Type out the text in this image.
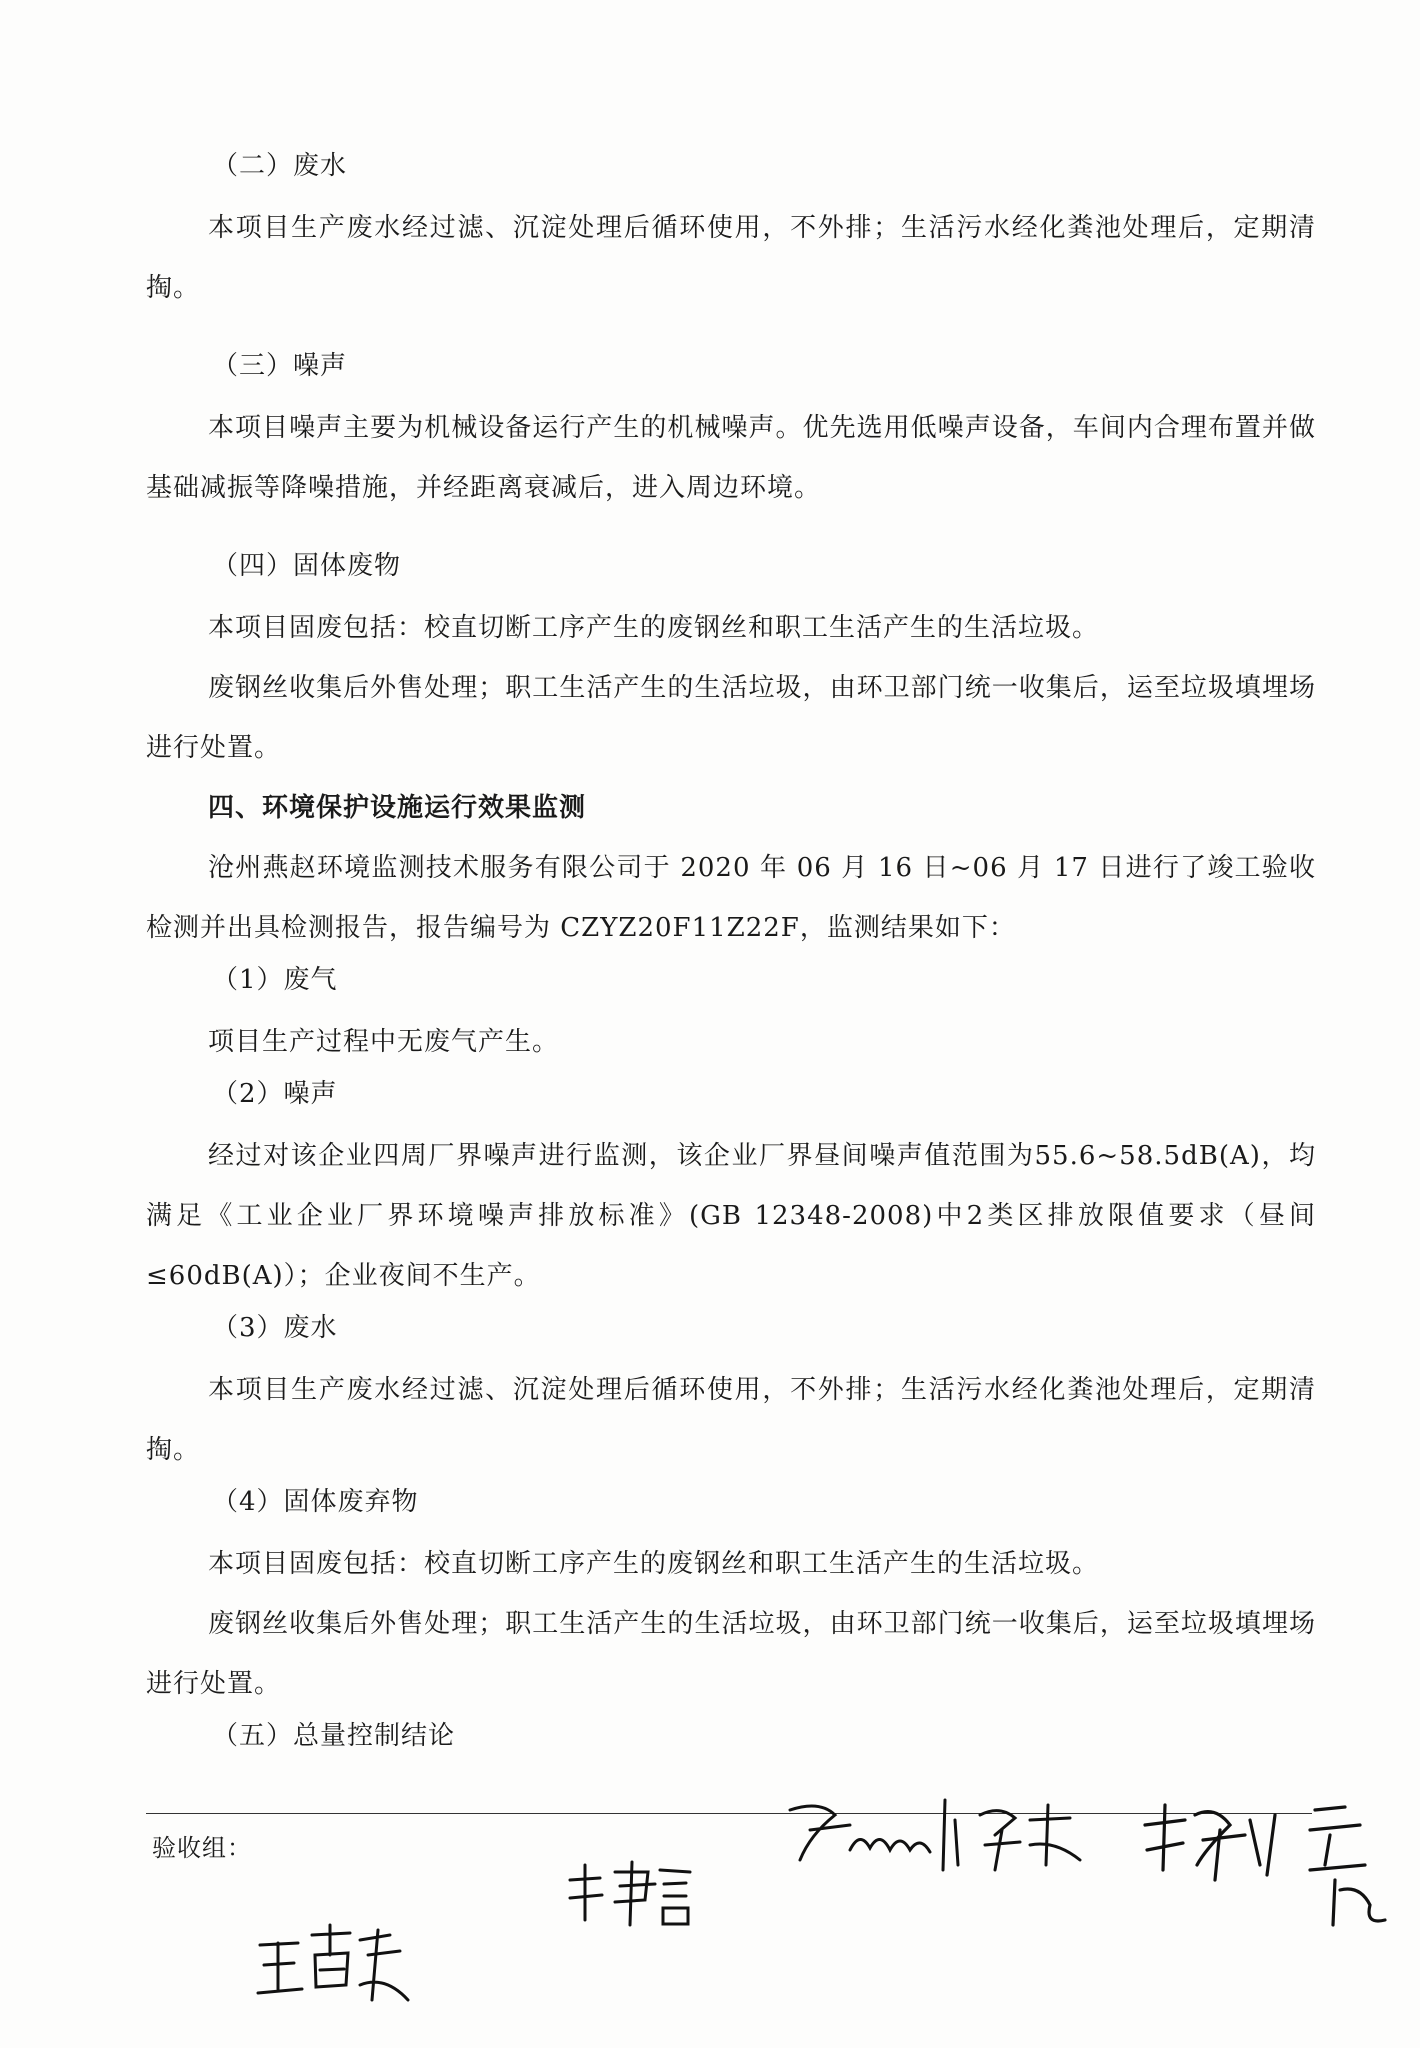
（二）废水

本项目生产废水经过滤、沉淀处理后循环使用，不外排；生活污水经化粪池处理后，定期清掏。

（三）噪声

本项目噪声主要为机械设备运行产生的机械噪声。优先选用低噪声设备，车间内合理布置并做基础减振等降噪措施，并经距离衰减后，进入周边环境。

（四）固体废物

本项目固废包括：校直切断工序产生的废钢丝和职工生活产生的生活垃圾。

废钢丝收集后外售处理；职工生活产生的生活垃圾，由环卫部门统一收集后，运至垃圾填埋场进行处置。

四、环境保护设施运行效果监测

沧州燕赵环境监测技术服务有限公司于 2020 年 06 月 16 日~06 月 17 日进行了竣工验收检测并出具检测报告，报告编号为 CZYZ20F11Z22F，监测结果如下：

（1）废气

项目生产过程中无废气产生。

（2）噪声

经过对该企业四周厂界噪声进行监测，该企业厂界昼间噪声值范围为55.6~58.5dB(A)，均满足《工业企业厂界环境噪声排放标准》(GB 12348-2008)中2类区排放限值要求（昼间≤60dB(A)）；企业夜间不生产。

（3）废水

本项目生产废水经过滤、沉淀处理后循环使用，不外排；生活污水经化粪池处理后，定期清掏。

（4）固体废弃物

本项目固废包括：校直切断工序产生的废钢丝和职工生活产生的生活垃圾。

废钢丝收集后外售处理；职工生活产生的生活垃圾，由环卫部门统一收集后，运至垃圾填埋场进行处置。

（五）总量控制结论
验收组：
